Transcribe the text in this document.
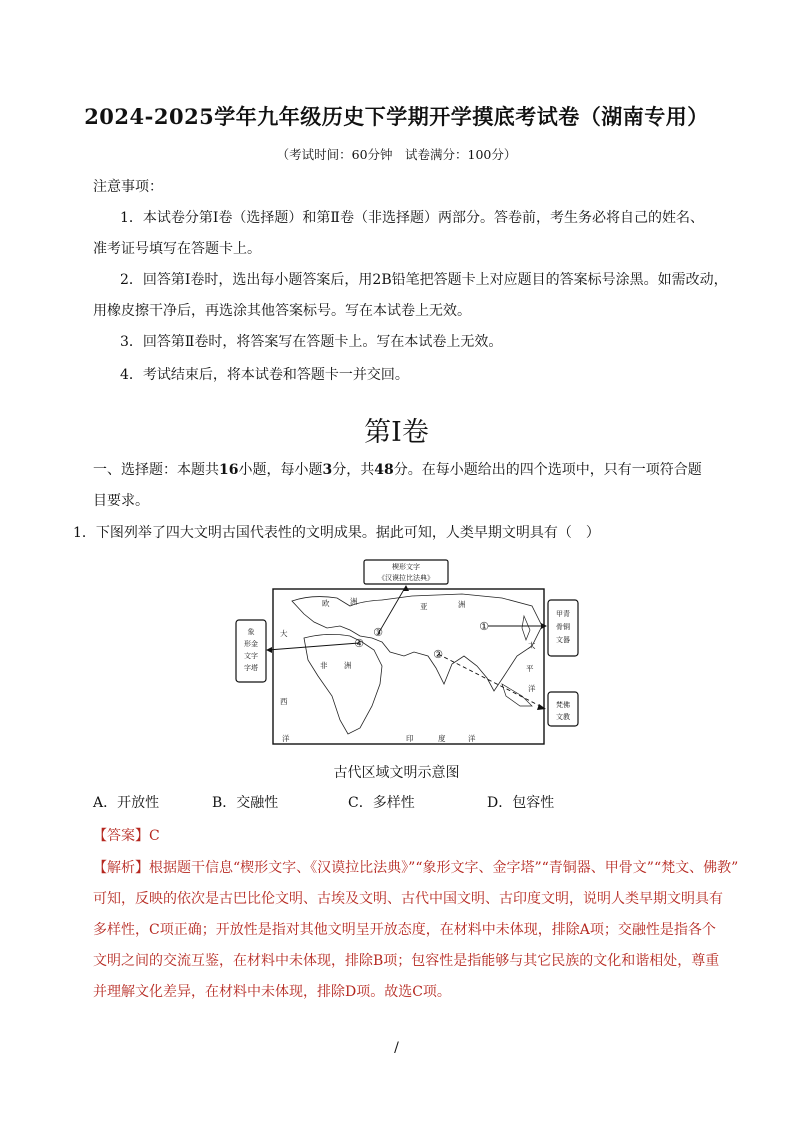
2024-2025学年九年级历史下学期开学摸底考试卷（湖南专用）
（考试时间：60分钟　试卷满分：100分）
注意事项：
1．本试卷分第Ⅰ卷（选择题）和第Ⅱ卷（非选择题）两部分。答卷前，考生务必将自己的姓名、
准考证号填写在答题卡上。
2．回答第Ⅰ卷时，选出每小题答案后，用2B铅笔把答题卡上对应题目的答案标号涂黑。如需改动，
用橡皮擦干净后，再选涂其他答案标号。写在本试卷上无效。
3．回答第Ⅱ卷时，将答案写在答题卡上。写在本试卷上无效。
4．考试结束后，将本试卷和答题卡一并交回。
第Ⅰ卷
一、选择题：本题共16小题，每小题3分，共48分。在每小题给出的四个选项中，只有一项符合题
目要求。
1．下图列举了四大文明古国代表性的文明成果。据此可知，人类早期文明具有（　）
楔形文字
《汉谟拉比法典》
象
形金
文字
字塔
甲青
骨铜
文器
梵佛
文教
①
②
③
④
欧	洲
亚	洲
大
非 洲
西
洋	印	度	洋
太
平
洋
古代区域文明示意图
A．开放性	B．交融性	C．多样性	D．包容性
【答案】C
【解析】根据题干信息“楔形文字、《汉谟拉比法典》”“象形文字、金字塔”“青铜器、甲骨文”“梵文、佛教”
可知，反映的依次是古巴比伦文明、古埃及文明、古代中国文明、古印度文明，说明人类早期文明具有
多样性，C项正确；开放性是指对其他文明呈开放态度，在材料中未体现，排除A项；交融性是指各个
文明之间的交流互鉴，在材料中未体现，排除B项；包容性是指能够与其它民族的文化和谐相处，尊重
并理解文化差异，在材料中未体现，排除D项。故选C项。
/
